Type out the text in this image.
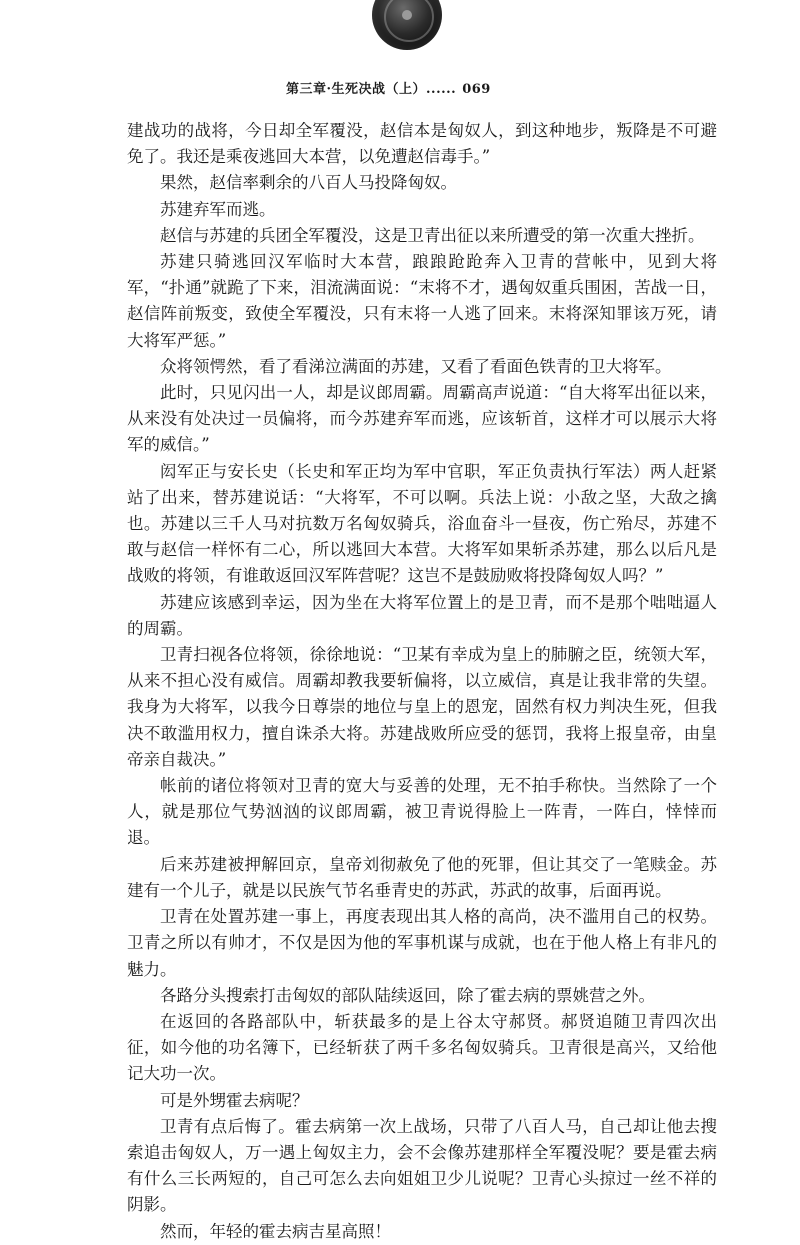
第三章·生死决战（上）...... 069

建战功的战将，今日却全军覆没，赵信本是匈奴人，到这种地步，叛降是不可避免了。我还是乘夜逃回大本营，以免遭赵信毒手。”

果然，赵信率剩余的八百人马投降匈奴。

苏建弃军而逃。

赵信与苏建的兵团全军覆没，这是卫青出征以来所遭受的第一次重大挫折。

苏建只骑逃回汉军临时大本营，踉踉跄跄奔入卫青的营帐中，见到大将军，“扑通”就跪了下来，泪流满面说：“末将不才，遇匈奴重兵围困，苦战一日，赵信阵前叛变，致使全军覆没，只有末将一人逃了回来。末将深知罪该万死，请大将军严惩。”

众将领愕然，看了看涕泣满面的苏建，又看了看面色铁青的卫大将军。

此时，只见闪出一人，却是议郎周霸。周霸高声说道：“自大将军出征以来，从来没有处决过一员偏将，而今苏建弃军而逃，应该斩首，这样才可以展示大将军的威信。”

闳军正与安长史（长史和军正均为军中官职，军正负责执行军法）两人赶紧站了出来，替苏建说话：“大将军，不可以啊。兵法上说：小敌之坚，大敌之擒也。苏建以三千人马对抗数万名匈奴骑兵，浴血奋斗一昼夜，伤亡殆尽，苏建不敢与赵信一样怀有二心，所以逃回大本营。大将军如果斩杀苏建，那么以后凡是战败的将领，有谁敢返回汉军阵营呢？这岂不是鼓励败将投降匈奴人吗？”

苏建应该感到幸运，因为坐在大将军位置上的是卫青，而不是那个咄咄逼人的周霸。

卫青扫视各位将领，徐徐地说：“卫某有幸成为皇上的肺腑之臣，统领大军，从来不担心没有威信。周霸却教我要斩偏将，以立威信，真是让我非常的失望。我身为大将军，以我今日尊崇的地位与皇上的恩宠，固然有权力判决生死，但我决不敢滥用权力，擅自诛杀大将。苏建战败所应受的惩罚，我将上报皇帝，由皇帝亲自裁决。”

帐前的诸位将领对卫青的宽大与妥善的处理，无不拍手称快。当然除了一个人，就是那位气势汹汹的议郎周霸，被卫青说得脸上一阵青，一阵白，悻悻而退。

后来苏建被押解回京，皇帝刘彻赦免了他的死罪，但让其交了一笔赎金。苏建有一个儿子，就是以民族气节名垂青史的苏武，苏武的故事，后面再说。

卫青在处置苏建一事上，再度表现出其人格的高尚，决不滥用自己的权势。卫青之所以有帅才，不仅是因为他的军事机谋与成就，也在于他人格上有非凡的魅力。

各路分头搜索打击匈奴的部队陆续返回，除了霍去病的票姚营之外。

在返回的各路部队中，斩获最多的是上谷太守郝贤。郝贤追随卫青四次出征，如今他的功名簿下，已经斩获了两千多名匈奴骑兵。卫青很是高兴，又给他记大功一次。

可是外甥霍去病呢？

卫青有点后悔了。霍去病第一次上战场，只带了八百人马，自己却让他去搜索追击匈奴人，万一遇上匈奴主力，会不会像苏建那样全军覆没呢？要是霍去病有什么三长两短的，自己可怎么去向姐姐卫少儿说呢？卫青心头掠过一丝不祥的阴影。

然而，年轻的霍去病吉星高照！
